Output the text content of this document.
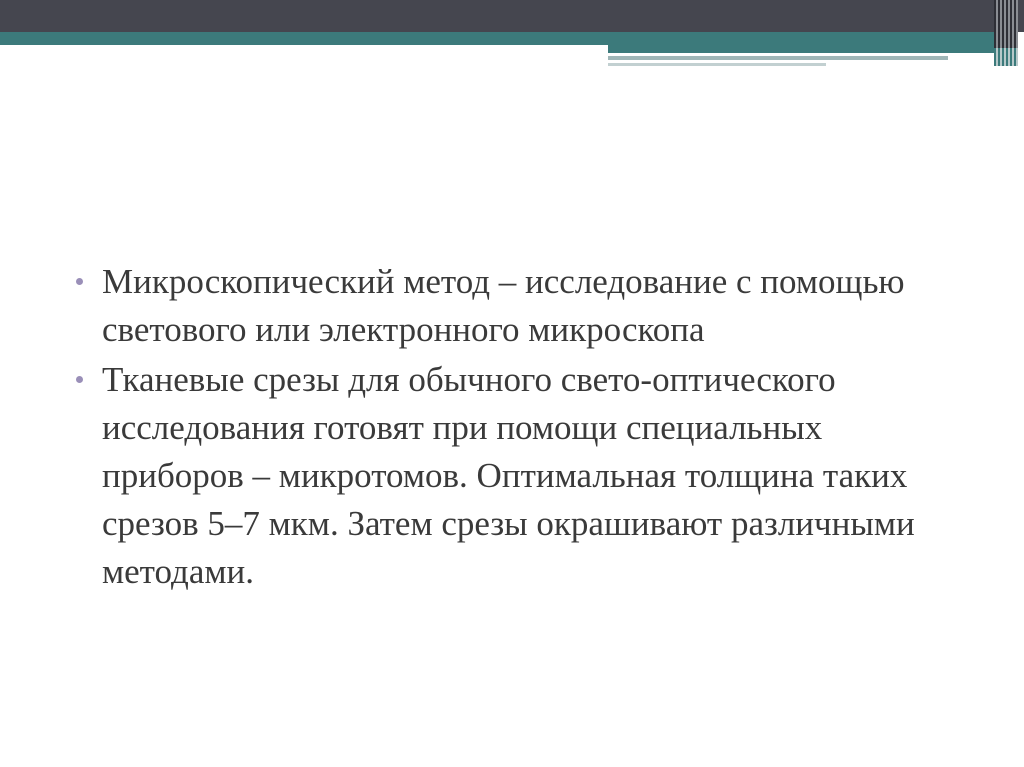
Микроскопический метод – исследование с помощью светового или электронного микроскопа
Тканевые срезы для обычного свето-оптического исследования готовят при помощи специальных приборов – микротомов. Оптимальная толщина таких срезов 5–7 мкм. Затем срезы окрашивают различными методами.
